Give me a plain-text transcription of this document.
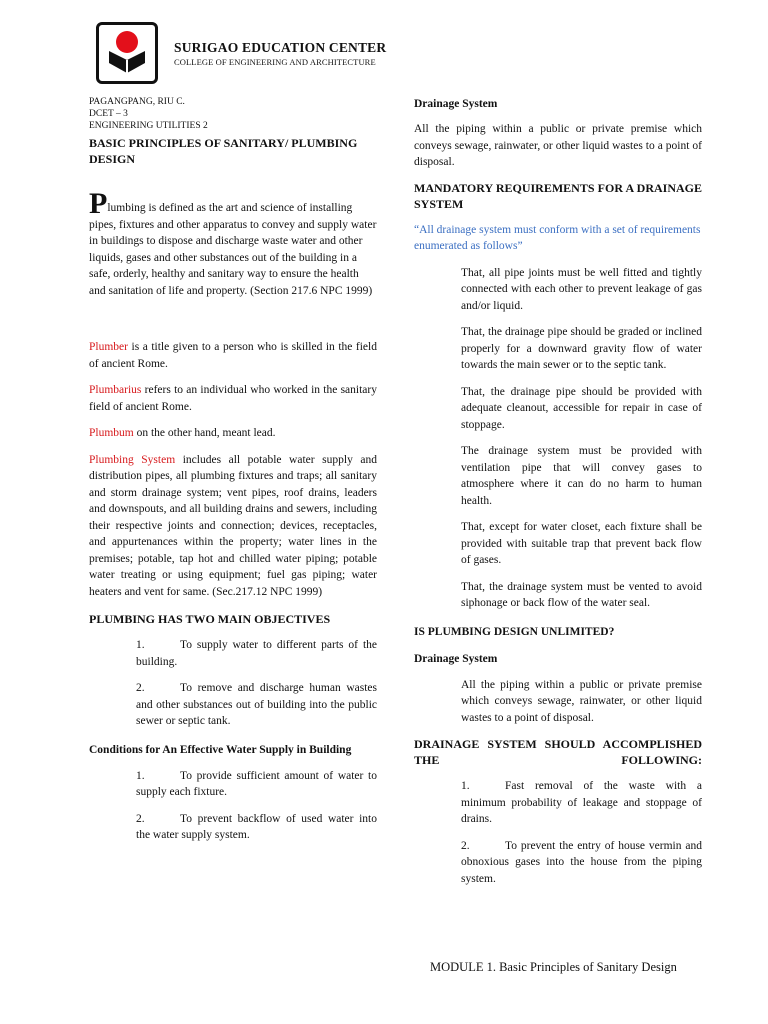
SURIGAO EDUCATION CENTER
COLLEGE OF ENGINEERING AND ARCHITECTURE

PAGANGPANG, RIU C.

DCET – 3

ENGINEERING UTILITIES 2

BASIC PRINCIPLES OF SANITARY/ PLUMBING DESIGN

Plumbing is defined as the art and science of installing pipes, fixtures and other apparatus to convey and supply water in buildings to dispose and discharge waste water and other liquids, gases and other substances out of the building in a safe, orderly, healthy and sanitary way to ensure the health and sanitation of life and property. (Section 217.6 NPC 1999)

Plumber is a title given to a person who is skilled in the field of ancient Rome.

Plumbarius refers to an individual who worked in the sanitary field of ancient Rome.

Plumbum on the other hand, meant lead.

Plumbing System includes all potable water supply and distribution pipes, all plumbing fixtures and traps; all sanitary and storm drainage system; vent pipes, roof drains, leaders and downspouts, and all building drains and sewers, including their respective joints and connection; devices, receptacles, and appurtenances within the property; water lines in the premises; potable, tap hot and chilled water piping; potable water treating or using equipment; fuel gas piping; water heaters and vent for same. (Sec.217.12 NPC 1999)

PLUMBING HAS TWO MAIN OBJECTIVES

1.	To supply water to different parts of the building.

2.	To remove and discharge human wastes and other substances out of building into the public sewer or septic tank.

Conditions for An Effective Water Supply in Building

1.	To provide sufficient amount of water to supply each fixture.

2.	To prevent backflow of used water into the water supply system.

Drainage System

All the piping within a public or private premise which conveys sewage, rainwater, or other liquid wastes to a point of disposal.

MANDATORY REQUIREMENTS FOR A DRAINAGE SYSTEM

“All drainage system must conform with a set of requirements enumerated as follows”

That, all pipe joints must be well fitted and tightly connected with each other to prevent leakage of gas and/or liquid.

That, the drainage pipe should be graded or inclined properly for a downward gravity flow of water towards the main sewer or to the septic tank.

That, the drainage pipe should be provided with adequate cleanout, accessible for repair in case of stoppage.

The drainage system must be provided with ventilation pipe that will convey gases to atmosphere where it can do no harm to human health.

That, except for water closet, each fixture shall be provided with suitable trap that prevent back flow of gases.

That, the drainage system must be vented to avoid siphonage or back flow of the water seal.

IS PLUMBING DESIGN UNLIMITED?

Drainage System

All the piping within a public or private premise which conveys sewage, rainwater, or other liquid wastes to a point of disposal.

DRAINAGE SYSTEM SHOULD ACCOMPLISHED THE FOLLOWING:

1.	Fast removal of the waste with a minimum probability of leakage and stoppage of drains.

2.	To prevent the entry of house vermin and obnoxious gases into the house from the piping system.

MODULE 1. Basic Principles of Sanitary Design
